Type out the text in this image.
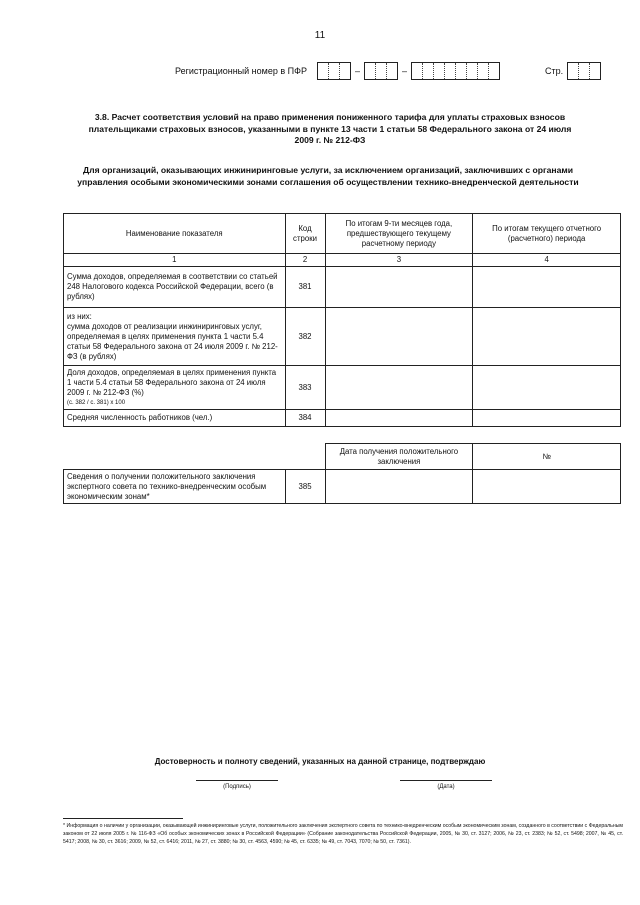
11
Регистрационный номер в ПФР	–	–	Стр.
3.8. Расчет соответствия условий на право применения пониженного тарифа для уплаты страховых взносов плательщиками страховых взносов, указанными в пункте 13 части 1 статьи 58 Федерального закона от 24 июля 2009 г. № 212-ФЗ
Для организаций, оказывающих инжиниринговые услуги, за исключением организаций, заключивших с органами управления особыми экономическими зонами соглашения об осуществлении технико-внедренческой деятельности
Наименование показателя	Код строки	По итогам 9-ти месяцев года, предшествующего текущему расчетному периоду	По итогам текущего отчетного (расчетного) периода
1	2	3	4
Сумма доходов, определяемая в соответствии со статьей 248 Налогового кодекса Российской Федерации, всего (в рублях)	381		
из них:
сумма доходов от реализации инжиниринговых услуг, определяемая в целях применения пункта 1 части 5.4 статьи 58 Федерального закона от 24 июля 2009 г. № 212-ФЗ (в рублях)	382		

Доля доходов, определяемая в целях применения пункта 1 части 5.4 статьи 58 Федерального закона от 24 июля 2009 г. № 212-ФЗ (%)
(с. 382 / с. 381) х 100	383		
Средняя численность работников (чел.)	384		
		Дата получения положительного заключения	№
Сведения о получении положительного заключения экспертного совета по технико-внедренческим особым экономическим зонам*	385		
Достоверность и полноту сведений, указанных на данной странице, подтверждаю
(Подпись)	(Дата)
* Информация о наличии у организации, оказывающей инжиниринговые услуги, положительного заключения экспертного совета по технико-внедренческим особым экономическим зонам, созданного в соответствии с Федеральным законом от 22 июля 2005 г. № 116-ФЗ «Об особых экономических зонах в Российской Федерации» (Собрание законодательства Российской Федерации, 2005, № 30, ст. 3127; 2006, № 23, ст. 2383; № 52, ст. 5498; 2007, № 45, ст. 5417; 2008, № 30, ст. 3616; 2009, № 52, ст. 6416; 2011, № 27, ст. 3880; № 30, ст. 4563, 4590; № 45, ст. 6335; № 49, ст. 7043, 7070; № 50, ст. 7361).
